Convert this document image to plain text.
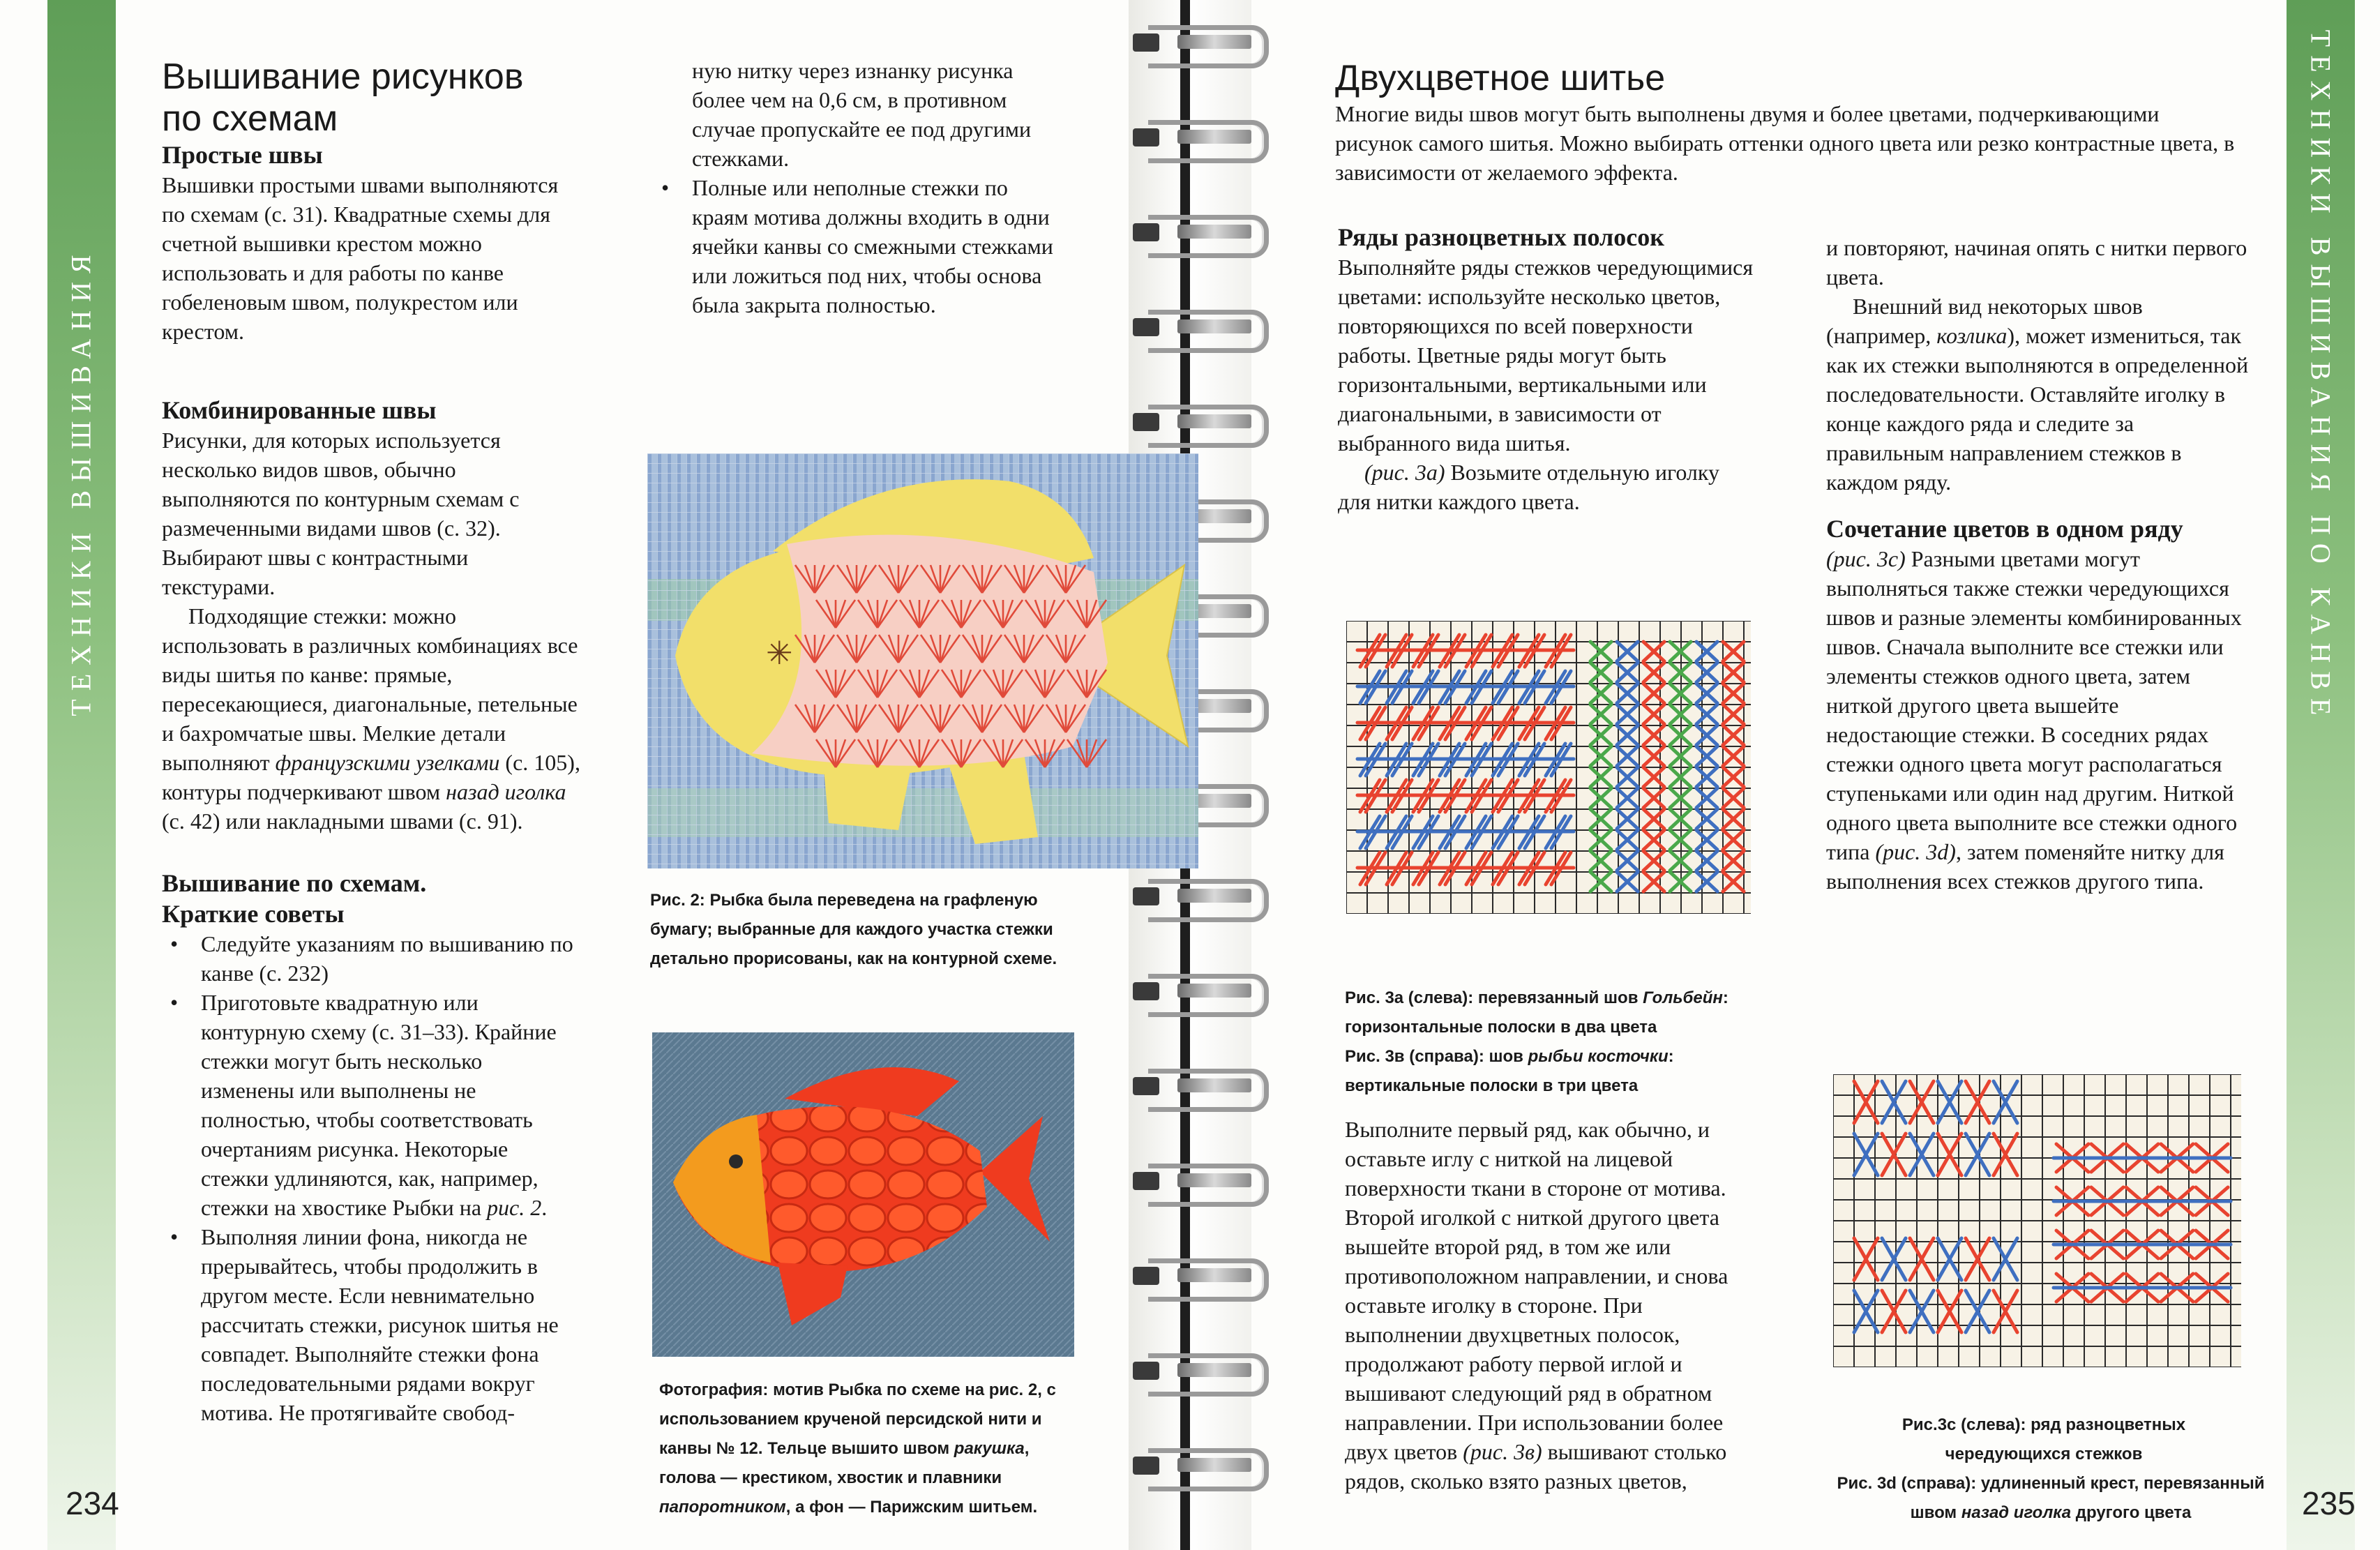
ТЕХНИКИ ВЫШИВАНИЯ	ТЕХНИКИ ВЫШИВАНИЯ ПО КАНВЕ
234	235
Вышивание рисунков
по схемам
Простые швы

Вышивки простыми швами выполняются по схемам (с. 31). Квадратные схемы для счетной вышивки крестом можно использовать и для работы по канве гобеленовым швом, полукрестом или крестом.

Комбинированные швы

Рисунки, для которых используется несколько видов швов, обычно выполняются по контурным схемам с размеченными видами швов (с. 32). Выбирают швы с контрастными текстурами.

Подходящие стежки: можно использовать в различных комбинациях все виды шитья по канве: прямые, пересекающиеся, диагональные, петельные и бахромчатые швы. Мелкие детали выполняют французскими узелками (с. 105), контуры подчеркивают швом назад иголка (с. 42) или накладными швами (с. 91).

Вышивание по схемам.
Краткие советы
• Следуйте указаниям по вышиванию по канве (с. 232)
• Приготовьте квадратную или контурную схему (с. 31–33). Крайние стежки могут быть несколько изменены или выполнены не полностью, чтобы соответствовать очертаниям рисунка. Некоторые стежки удлиняются, как, например, стежки на хвостике Рыбки на рис. 2.
• Выполняя линии фона, никогда не прерывайтесь, чтобы продолжить в другом месте. Если невнимательно рассчитать стежки, рисунок шитья не совпадет. Выполняйте стежки фона последовательными рядами вокруг мотива. Не протягивайте свобод-

ную нитку через изнанку рисунка более чем на 0,6 см, в противном случае пропускайте ее под другими стежками.

• Полные или неполные стежки по краям мотива должны входить в одни ячейки канвы со смежными стежками или ложиться под них, чтобы основа была закрыта полностью.
✳
Рис. 2: Рыбка была переведена на графленую бумагу; выбранные для каждого участка стежки детально прорисованы, как на контурной схеме.
Фотография: мотив Рыбка по схеме на рис. 2, с использованием крученой персидской нити и канвы № 12. Тельце вышито швом ракушка, голова — крестиком, хвостик и плавники папоротником, а фон — Парижским шитьем.
Двухцветное шитье

Многие виды швов могут быть выполнены двумя и более цветами, подчеркивающими рисунок самого шитья. Можно выбирать оттенки одного цвета или резко контрастные цвета, в зависимости от желаемого эффекта.

Ряды разноцветных полосок

Выполняйте ряды стежков чередующимися цветами: используйте несколько цветов, повторяющихся по всей поверхности работы. Цветные ряды могут быть горизонтальными, вертикальными или диагональными, в зависимости от выбранного вида шитья.

(рис. 3а) Возьмите отдельную иголку для нитки каждого цвета.

Рис. 3а (слева): перевязанный шов Гольбейн: горизонтальные полоски в два цвета
Рис. 3в (справа): шов рыбьи косточки: вертикальные полоски в три цвета

Выполните первый ряд, как обычно, и оставьте иглу с ниткой на лицевой поверхности ткани в стороне от мотива. Второй иголкой с ниткой другого цвета вышейте второй ряд, в том же или противоположном направлении, и снова оставьте иголку в стороне. При выполнении двухцветных полосок, продолжают работу первой иглой и вышивают следующий ряд в обратном направлении. При использовании более двух цветов (рис. 3в) вышивают столько рядов, сколько взято разных цветов,

и повторяют, начиная опять с нитки первого цвета.

Внешний вид некоторых швов (например, козлика), может измениться, так как их стежки выполняются в определенной последовательности. Оставляйте иголку в конце каждого ряда и следите за правильным направлением стежков в каждом ряду.

Сочетание цветов в одном ряду

(рис. 3с) Разными цветами могут выполняться также стежки чередующихся швов и разные элементы комбинированных швов. Сначала выполните все стежки или элементы стежков одного цвета, затем ниткой другого цвета вышейте недостающие стежки. В соседних рядах стежки одного цвета могут располагаться ступеньками или один над другим. Ниткой одного цвета выполните все стежки одного типа (рис. 3d), затем поменяйте нитку для выполнения всех стежков другого типа.

Рис.3с (слева): ряд разноцветных
чередующихся стежков
Рис. 3d (справа): удлиненный крест, перевязанный швом назад иголка другого цвета
